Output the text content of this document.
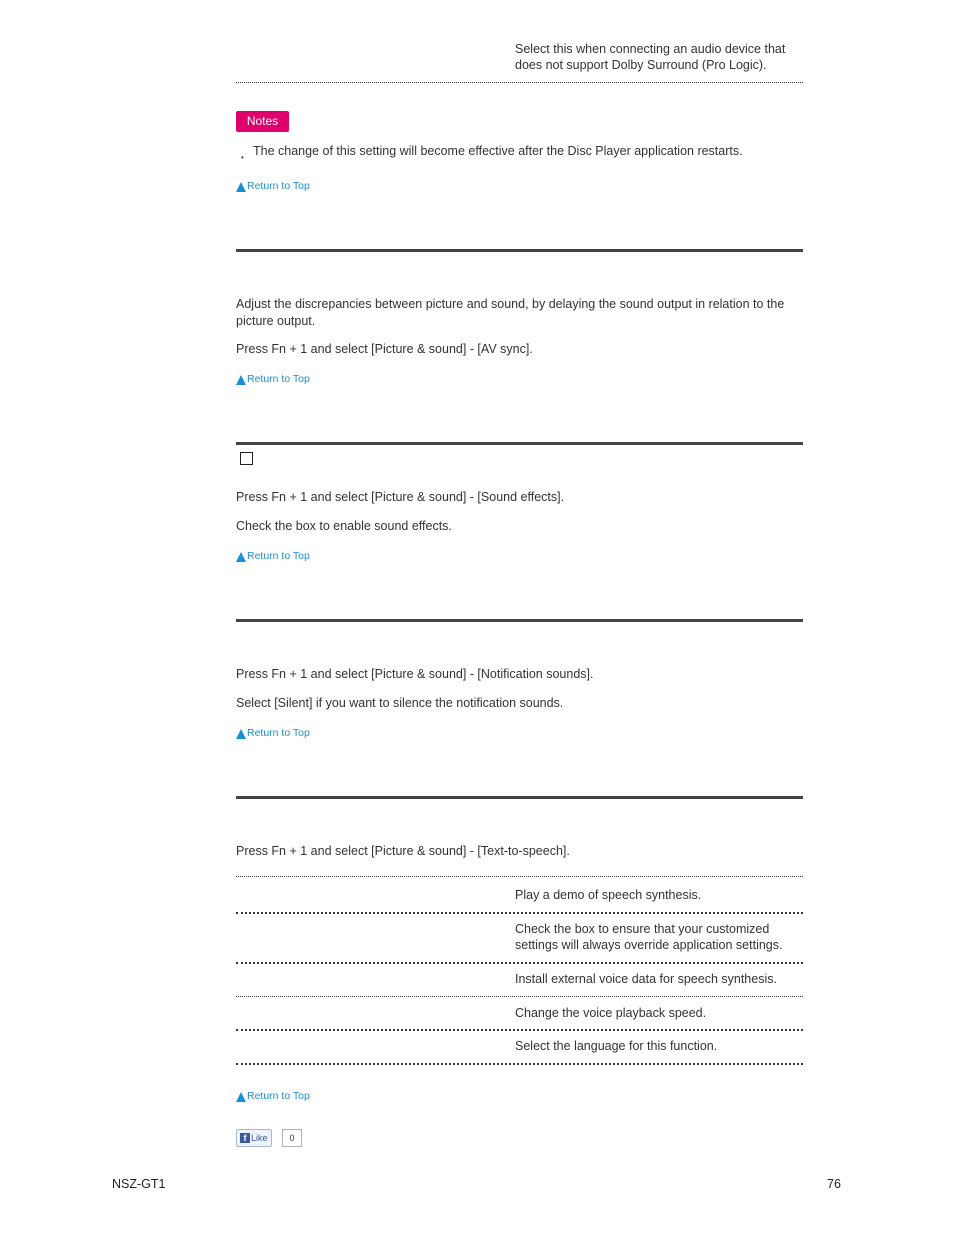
Select this when connecting an audio device that does not support Dolby Surround (Pro Logic).
Notes
• The change of this setting will become effective after the Disc Player application restarts.
Return to Top
Adjust the discrepancies between picture and sound, by delaying the sound output in relation to the picture output.
Press Fn + 1 and select [Picture & sound] - [AV sync].
Return to Top
Press Fn + 1 and select [Picture & sound] - [Sound effects].
Check the box to enable sound effects.
Return to Top
Press Fn + 1 and select [Picture & sound] - [Notification sounds].
Select [Silent] if you want to silence the notification sounds.
Return to Top
Press Fn + 1 and select [Picture & sound] - [Text-to-speech].
Play a demo of speech synthesis.
Check the box to ensure that your customized settings will always override application settings.
Install external voice data for speech synthesis.
Change the voice playback speed.
Select the language for this function.
Return to Top
f Like	0
NSZ-GT1	76
